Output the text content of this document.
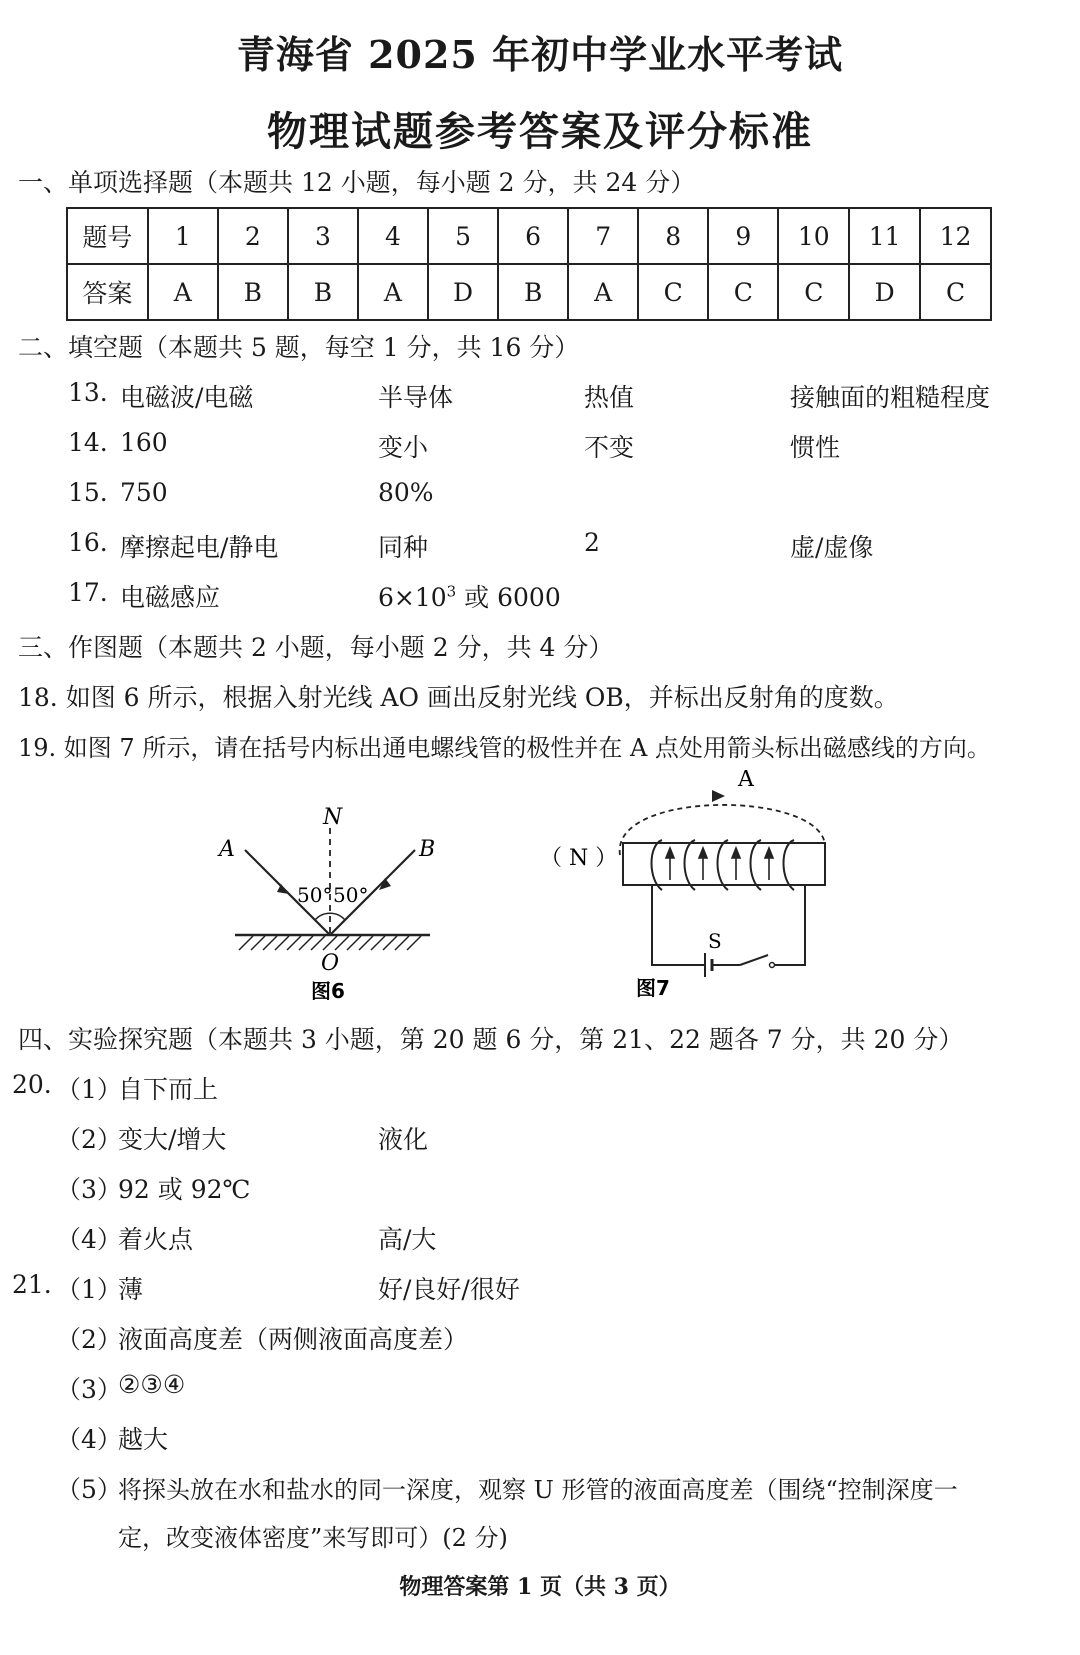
青海省 2025 年初中学业水平考试
物理试题参考答案及评分标准
一、单项选择题（本题共 12 小题，每小题 2 分，共 24 分）
题号	1	2	3	4	5	6	7	8	9	10	11	12
答案	A	B	B	A	D	B	A	C	C	C	D	C
二、填空题（本题共 5 题，每空 1 分，共 16 分）
13. 电磁波/电磁	半导体	热值	接触面的粗糙程度
14. 160	变小	不变	惯性
15. 750	80%
16. 摩擦起电/静电	同种	2	虚/虚像
17. 电磁感应	$6\times 10^3$ 或 6000
三、作图题（本题共 2 小题，每小题 2 分，共 4 分）
18. 如图 6 所示，根据入射光线 AO 画出反射光线 OB，并标出反射角的度数。
19. 如图 7 所示，请在括号内标出通电螺线管的极性并在 A 点处用箭头标出磁感线的方向。
N
A	B
50° 50°
O
图6
（ N ）
A
S
图7
四、实验探究题（本题共 3 小题，第 20 题 6 分，第 21、22 题各 7 分，共 20 分）
20. （1）
自下而上
（2）
变大/增大	液化
（3）
92 或 92℃
（4）
着火点	高/大
21. （1）
薄	好/良好/很好
（2）
液面高度差（两侧液面高度差）
（3）
②③④
（4）
越大
（5）
将探头放在水和盐水的同一深度，观察 U 形管的液面高度差（围绕“控制深度一
定，改变液体密度”来写即可）(2 分)
物理答案第 1 页（共 3 页）
